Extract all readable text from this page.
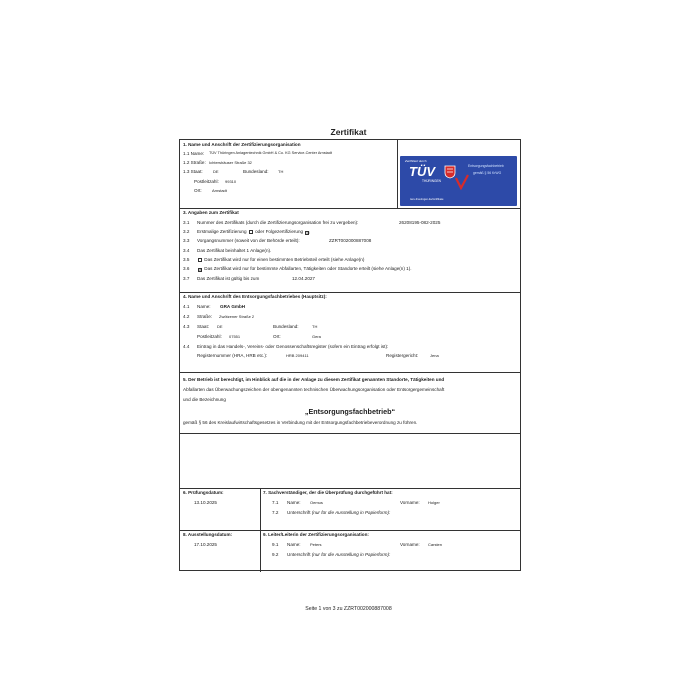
Zertifikat
1. Name und Anschrift der Zertifizierungsorganisation
1.1 Name: TÜV Thüringen Anlagentechnik GmbH & Co. KG Service-Center Arnstadt
1.2 Straße: Ichtershäuser Straße 32
1.3 Staat:	DE	Bundesland: TH
Postleitzahl: 99310
Ort:	Arnstadt
3. Angaben zum Zertifikat
3.1 Nummer des Zertifikats (durch die Zertifizierungsorganisation frei zu vergeben):	26208195-082-2025
3.2 Erstmalige Zertifizierung oder Folgezertifizierung ☒
3.3 Vorgangsnummer (soweit von der Behörde erteilt):	ZZRT002000887008
3.4 Das Zertifikat beinhaltet 1 Anlage(n).
3.5	Das Zertifikat wird nur für einen bestimmten Betriebsteil erteilt (siehe Anlage(n)
3.6	☒ Das Zertifikat wird nur für bestimmte Abfallarten, Tätigkeiten oder Standorte erteilt (siehe Anlage(n) 1).
3.7 Das Zertifikat ist gültig bis zum	12.04.2027
4. Name und Anschrift des Entsorgungsfachbetriebes (Hauptsitz):
4.1 Name: GRA GmbH
4.2 Straße: Zwötzener Straße 2
4.3 Staat: DE	Bundesland:	TH
Postleitzahl: 07551	Ort:	Gera
4.4 Eintrag in das Handels-, Vereins- oder Genossenschaftsregister (sofern ein Eintrag erfolgt ist):
Registernummer (HRA, HRB etc.):	HRB 209411	Registergericht:	Jena
5. Der Betrieb ist berechtigt, im Hinblick auf die in der Anlage zu diesem Zertifikat genannten Standorte, Tätigkeiten und
Abfallarten das Überwachungszeichen der obengenannten technischen Überwachungsorganisation oder Entsorgergemeinschaft
und die Bezeichnung
„Entsorgungsfachbetrieb“
gemäß § 56 des Kreislaufwirtschaftsgesetzes in Verbindung mit der Entsorgungsfachbetriebeverordnung zu führen.
6. Prüfungsdatum:
13.10.2025
7. Sachverständiger, der die Überprüfung durchgeführt hat:
7.1 Name: Oemus	Vorname: Holger
7.2 Unterschrift (nur für die Ausstellung in Papierform):
8. Ausstellungsdatum:
17.10.2025
9. Leiter/Leiterin der Zertifizierungsorganisation:
9.1 Name: Peters	Vorname: Carsten
9.2 Unterschrift (nur für die Ausstellung in Papierform):
Zertifiziert durch
TÜV
THÜRINGEN
Entsorgungsfachbetrieb
gemäß § 56 KrWG
tuev-thueringen.de/zertifikate
Seite 1 von 3 zu ZZRT002000887008
